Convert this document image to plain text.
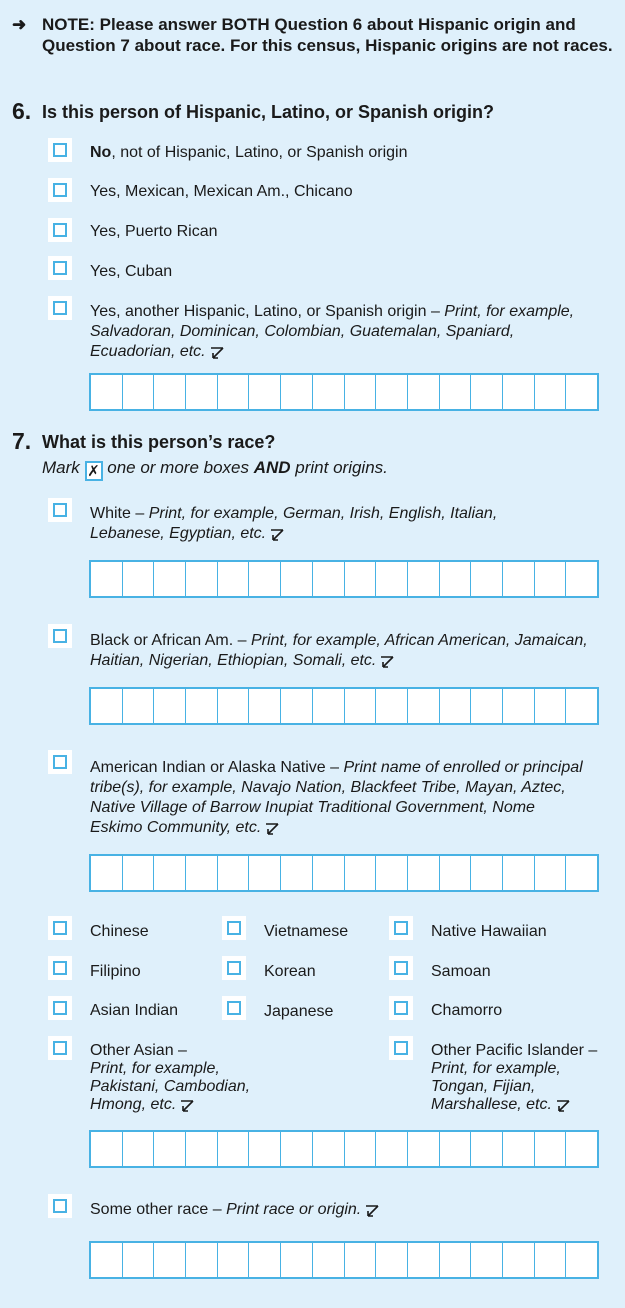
➜ NOTE: Please answer BOTH Question 6 about Hispanic origin and Question 7 about race. For this census, Hispanic origins are not races.
6. Is this person of Hispanic, Latino, or Spanish origin?
No, not of Hispanic, Latino, or Spanish origin
Yes, Mexican, Mexican Am., Chicano
Yes, Puerto Rican
Yes, Cuban
Yes, another Hispanic, Latino, or Spanish origin – Print, for example, Salvadoran, Dominican, Colombian, Guatemalan, Spaniard, Ecuadorian, etc.
7. What is this person’s race?
Mark ✗ one or more boxes AND print origins.
White – Print, for example, German, Irish, English, Italian, Lebanese, Egyptian, etc.
Black or African Am. – Print, for example, African American, Jamaican, Haitian, Nigerian, Ethiopian, Somali, etc.
American Indian or Alaska Native – Print name of enrolled or principal tribe(s), for example, Navajo Nation, Blackfeet Tribe, Mayan, Aztec, Native Village of Barrow Inupiat Traditional Government, Nome Eskimo Community, etc.
Chinese
Filipino
Asian Indian
Vietnamese
Korean
Japanese
Native Hawaiian
Samoan
Chamorro
Other Asian –
Print, for example, Pakistani, Cambodian, Hmong, etc.
Other Pacific Islander –
Print, for example, Tongan, Fijian, Marshallese, etc.
Some other race – Print race or origin.
